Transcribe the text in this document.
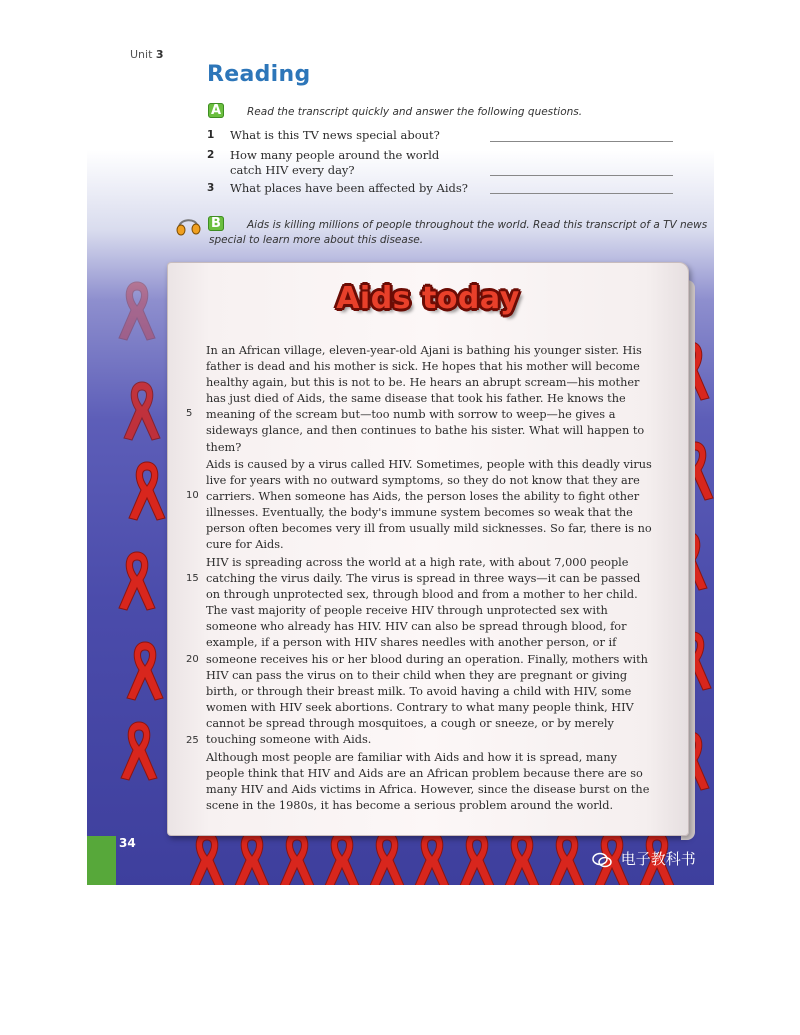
Unit 3
Reading
A Read the transcript quickly and answer the following questions.
1 What is this TV news special about?
2 How many people around the world catch HIV every day?
3 What places have been affected by Aids?
B Aids is killing millions of people throughout the world. Read this transcript of a TV news
special to learn more about this disease.
Aids today

In an African village, eleven-year-old Ajani is bathing his younger sister. His father is dead and his mother is sick. He hopes that his mother will become healthy again, but this is not to be. He hears an abrupt scream—his mother has just died of Aids, the same disease that took his father. He knows the meaning of the scream but—too numb with sorrow to weep—he gives a sideways glance, and then continues to bathe his sister. What will happen to them?

Aids is caused by a virus called HIV. Sometimes, people with this deadly virus live for years with no outward symptoms, so they do not know that they are carriers. When someone has Aids, the person loses the ability to fight other illnesses. Eventually, the body's immune system becomes so weak that the person often becomes very ill from usually mild sicknesses. So far, there is no cure for Aids.

HIV is spreading across the world at a high rate, with about 7,000 people catching the virus daily. The virus is spread in three ways—it can be passed on through unprotected sex, through blood and from a mother to her child. The vast majority of people receive HIV through unprotected sex with someone who already has HIV. HIV can also be spread through blood, for example, if a person with HIV shares needles with another person, or if someone receives his or her blood during an operation. Finally, mothers with HIV can pass the virus on to their child when they are pregnant or giving birth, or through their breast milk. To avoid having a child with HIV, some women with HIV seek abortions. Contrary to what many people think, HIV cannot be spread through mosquitoes, a cough or sneeze, or by merely touching someone with Aids.

Although most people are familiar with Aids and how it is spread, many people think that HIV and Aids are an African problem because there are so many HIV and Aids victims in Africa. However, since the disease burst on the scene in the 1980s, it has become a serious problem around the world.

5
10
15
20
25
34
电子教科书
